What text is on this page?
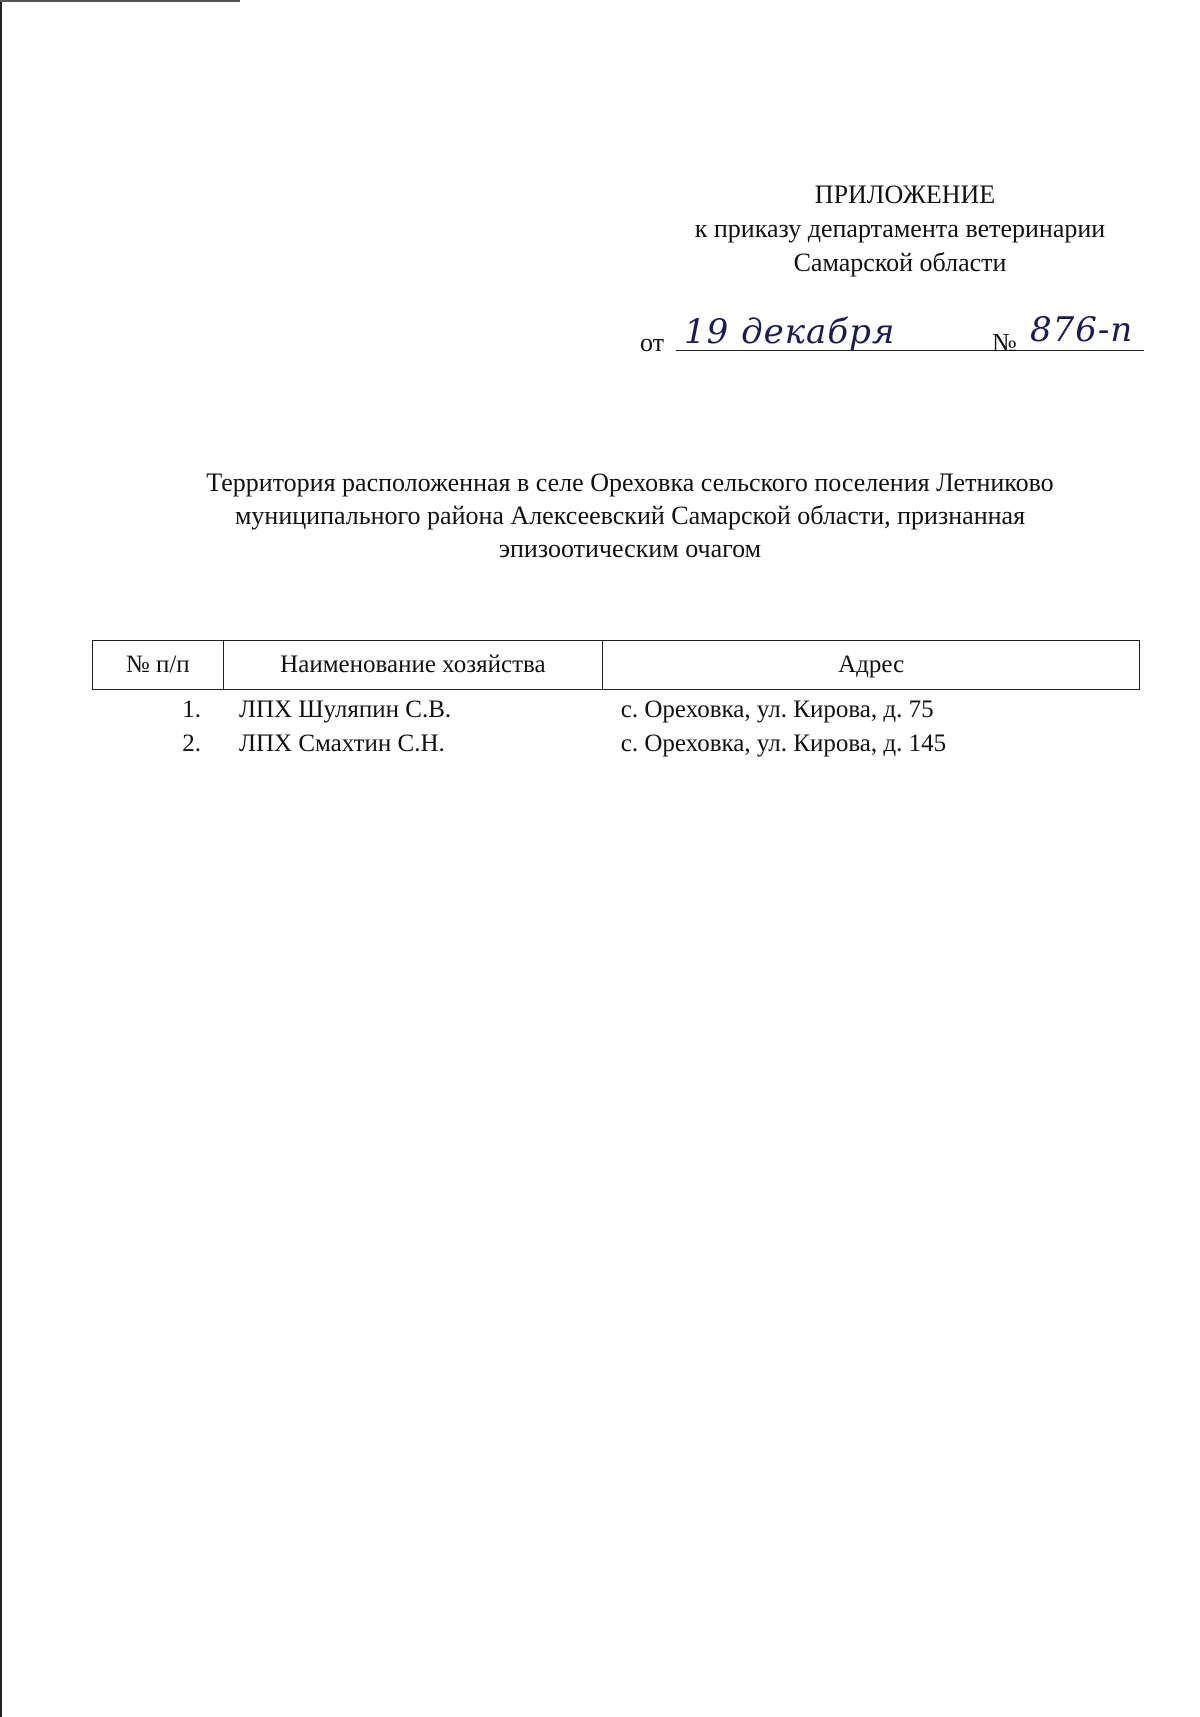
ПРИЛОЖЕНИЕ
к приказу департамента ветеринарии
Самарской области
от 19 декабря	№ 876-п
Территория расположенная в селе Ореховка сельского поселения Летниково
муниципального района Алексеевский Самарской области, признанная
эпизоотическим очагом
№ п/п	Наименование хозяйства	Адрес
1.	ЛПХ Шуляпин С.В.	с. Ореховка, ул. Кирова, д. 75
2.	ЛПХ Смахтин С.Н.	с. Ореховка, ул. Кирова, д. 145
